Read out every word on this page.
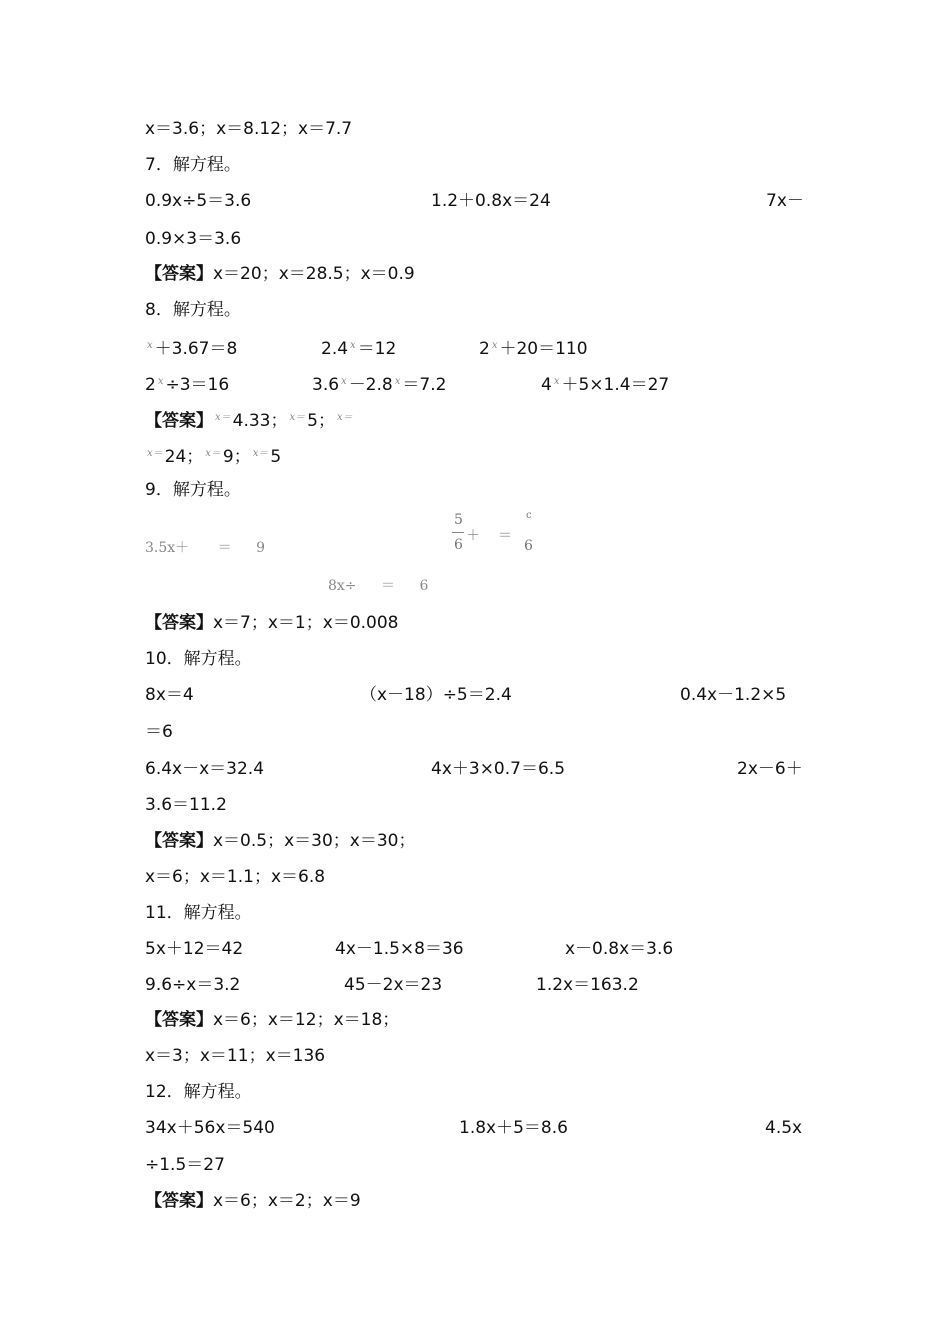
x＝3.6；x＝8.12；x＝7.7
7．解方程。
0.9x÷5＝3.6	1.2＋0.8x＝24	7x－
0.9×3＝3.6
【答案】x＝20；x＝28.5；x＝0.9
8．解方程。
$^x$ ＋3.67＝8	2.4 $^x$ ＝12	2 $^x$ ＋20＝110
2 $^x$ ÷3＝16	3.6 $^x$ －2.8 $^x$ ＝7.2	4 $^x$ ＋5×1.4＝27
【答案】 $^{x=}$ 4.33； $^{x=}$ 5； $^{x=}$
$^{x=}$ 24； $^{x=}$ 9； $^{x=}$ 5
9．解方程。
3.5x＋ ＝ 9
5
6
＋ ＝
c
6
8x÷ ＝ 6
【答案】x＝7；x＝1；x＝0.008
10．解方程。
8x＝4	（x－18）÷5＝2.4	0.4x－1.2×5
＝6
6.4x－x＝32.4	4x＋3×0.7＝6.5	2x－6＋
3.6＝11.2
【答案】x＝0.5；x＝30；x＝30；
x＝6；x＝1.1；x＝6.8
11．解方程。
5x＋12＝42	4x－1.5×8＝36	x－0.8x＝3.6
9.6÷x＝3.2	45－2x＝23	1.2x＝163.2
【答案】x＝6；x＝12；x＝18；
x＝3；x＝11；x＝136
12．解方程。
34x＋56x＝540	1.8x＋5＝8.6	4.5x
÷1.5＝27
【答案】x＝6；x＝2；x＝9
